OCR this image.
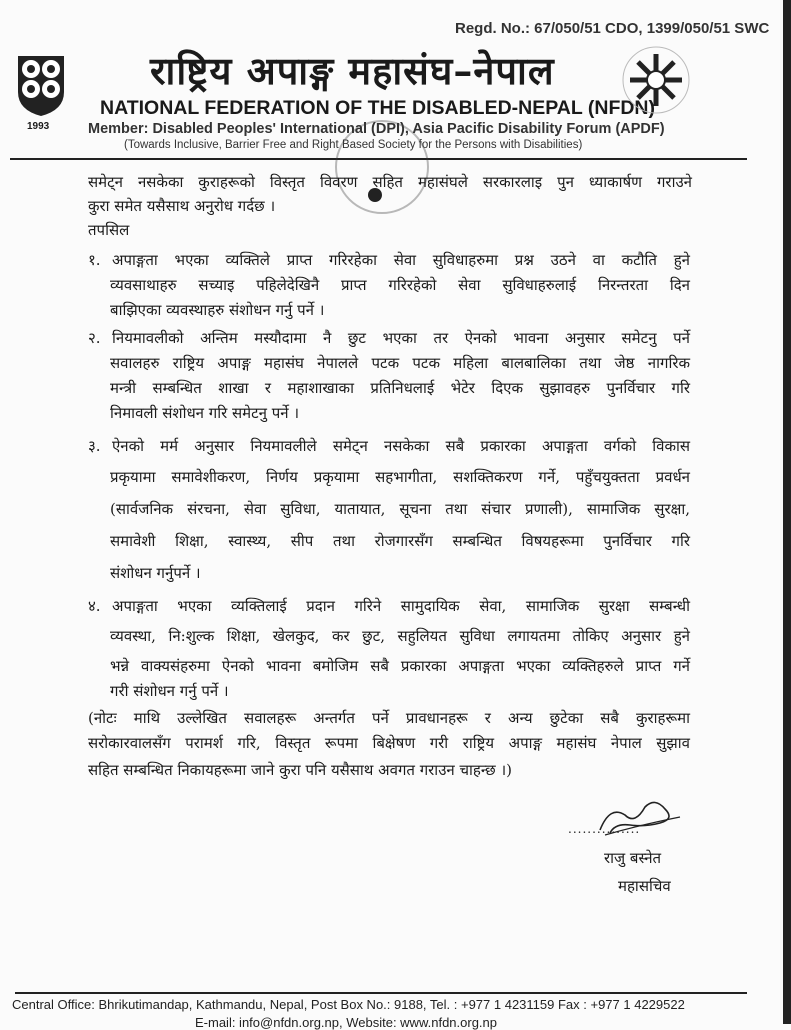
Regd. No.: 67/050/51 CDO, 1399/050/51 SWC
1993
राष्ट्रिय अपाङ्ग महासंघ–नेपाल
NATIONAL FEDERATION OF THE DISABLED-NEPAL (NFDN)
Member: Disabled Peoples' International (DPI), Asia Pacific Disability Forum (APDF)
(Towards Inclusive, Barrier Free and Right Based Society for the Persons with Disabilities)
समेट्न नसकेका कुराहरूको विस्तृत विवरण सहित महासंघले सरकारलाइ पुन ध्याकार्षण गराउने
कुरा समेत यसैसाथ अनुरोध गर्दछ ।
तपसिल
१. अपाङ्गता भएका व्यक्तिले प्राप्त गरिरहेका सेवा सुविधाहरुमा प्रश्न उठने वा कटौति हुने
व्यवसाथाहरु सच्याइ पहिलेदेखिनै प्राप्त गरिरहेको सेवा सुविधाहरुलाई निरन्तरता दिन
बाझिएका व्यवस्थाहरु संशोधन गर्नु पर्ने ।
२. नियमावलीको अन्तिम मस्यौदामा नै छुट भएका तर ऐनको भावना अनुसार समेटनु पर्ने
सवालहरु राष्ट्रिय अपाङ्ग महासंघ नेपालले पटक पटक महिला बालबालिका तथा जेष्ठ नागरिक
मन्त्री सम्बन्धित शाखा र महाशाखाका प्रतिनिधलाई भेटेर दिएक सुझावहरु पुनर्विचार गरि
निमावली संशोधन गरि समेटनु पर्ने ।
३. ऐनको मर्म अनुसार नियमावलीले समेट्न नसकेका सबै प्रकारका अपाङ्गता वर्गको विकास
प्रकृयामा समावेशीकरण, निर्णय प्रकृयामा सहभागीता, सशक्तिकरण गर्ने, पहुँचयुक्तता प्रवर्धन
(सार्वजनिक संरचना, सेवा सुविधा, यातायात, सूचना तथा संचार प्रणाली), सामाजिक सुरक्षा,
समावेशी शिक्षा, स्वास्थ्य, सीप तथा रोजगारसँग सम्बन्धित विषयहरूमा पुनर्विचार गरि
संशोधन गर्नुपर्ने ।
४. अपाङ्गता भएका व्यक्तिलाई प्रदान गरिने सामुदायिक सेवा, सामाजिक सुरक्षा सम्बन्धी
व्यवस्था, नि:शुल्क शिक्षा, खेलकुद, कर छुट, सहुलियत सुविधा लगायतमा तोकिए अनुसार हुने
भन्ने वाक्यसंहरुमा ऐनको भावना बमोजिम सबै प्रकारका अपाङ्गता भएका व्यक्तिहरुले प्राप्त गर्ने
गरी संशोधन गर्नु पर्ने ।
(नोटः माथि उल्लेखित सवालहरू अन्तर्गत पर्ने प्रावधानहरू र अन्य छुटेका सबै कुराहरूमा
सरोकारवालसँग परामर्श गरि, विस्तृत रूपमा बिक्षेषण गरी राष्ट्रिय अपाङ्ग महासंघ नेपाल सुझाव
सहित सम्बन्धित निकायहरूमा जाने कुरा पनि यसैसाथ अवगत गराउन चाहन्छ ।)
...............
राजु बस्नेत
महासचिव
Central Office: Bhrikutimandap, Kathmandu, Nepal, Post Box No.: 9188, Tel. : +977 1 4231159 Fax : +977 1 4229522
E-mail: info@nfdn.org.np, Website: www.nfdn.org.np
